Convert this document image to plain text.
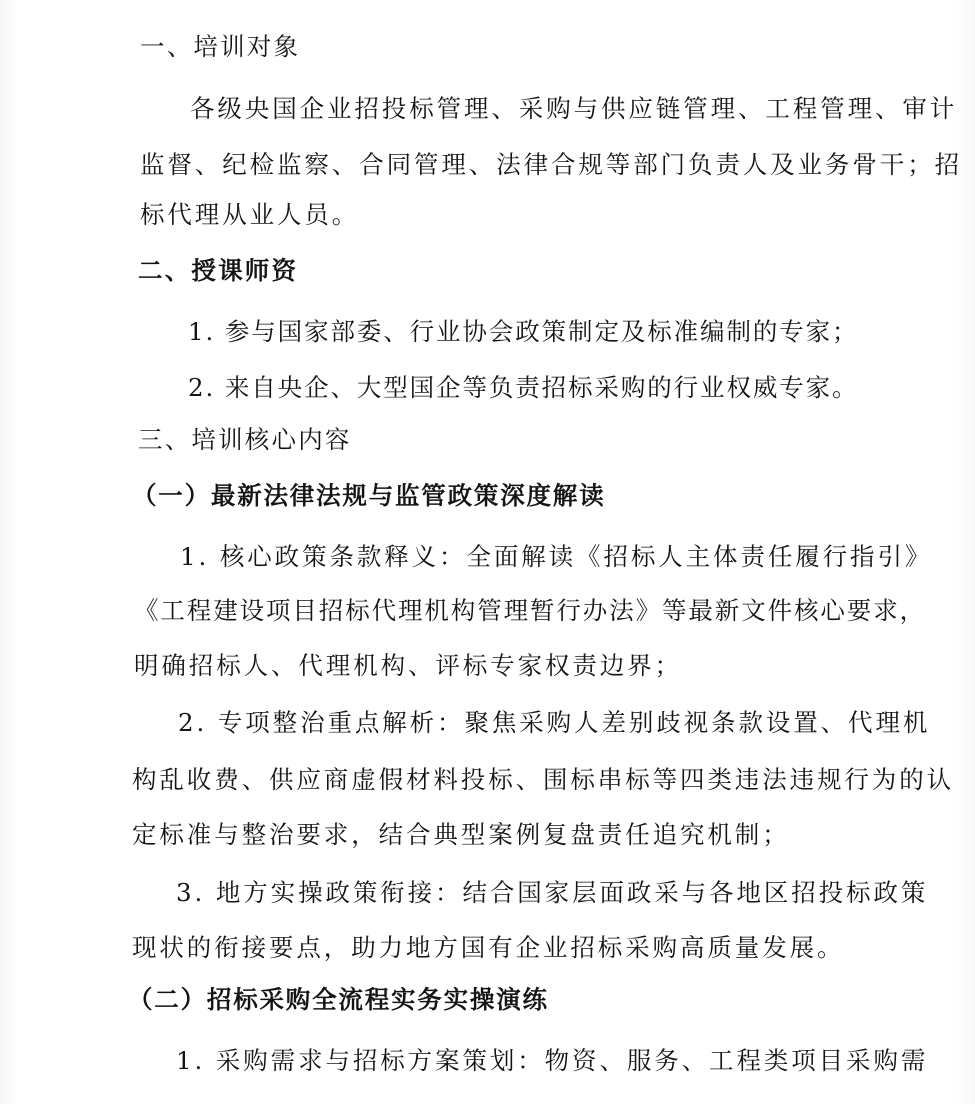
一、培训对象
各级央国企业招投标管理、采购与供应链管理、工程管理、审计
监督、纪检监察、合同管理、法律合规等部门负责人及业务骨干；招
标代理从业人员。
二、授课师资
1. 参与国家部委、行业协会政策制定及标准编制的专家；
2. 来自央企、大型国企等负责招标采购的行业权威专家。
三、培训核心内容
（一）最新法律法规与监管政策深度解读
1. 核心政策条款释义：全面解读《招标人主体责任履行指引》
《工程建设项目招标代理机构管理暂行办法》等最新文件核心要求，
明确招标人、代理机构、评标专家权责边界；
2. 专项整治重点解析：聚焦采购人差别歧视条款设置、代理机
构乱收费、供应商虚假材料投标、围标串标等四类违法违规行为的认
定标准与整治要求，结合典型案例复盘责任追究机制；
3. 地方实操政策衔接：结合国家层面政采与各地区招投标政策
现状的衔接要点，助力地方国有企业招标采购高质量发展。
（二）招标采购全流程实务实操演练
1. 采购需求与招标方案策划：物资、服务、工程类项目采购需
